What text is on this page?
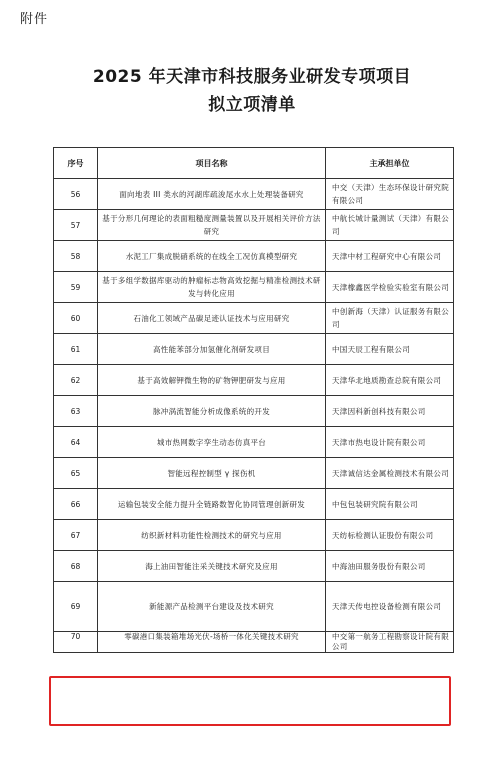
附件
2025 年天津市科技服务业研发专项项目
拟立项清单
序号	项目名称	主承担单位
56	面向地表 III 类水的河湖库疏浚尾水水上处理装备研究	中交（天津）生态环保设计研究院有限公司
57	基于分形几何理论的表面粗糙度测量装置以及开展相关评价方法研究	中航长城计量测试（天津）有限公司
58	水泥工厂集成脱硝系统的在线全工况仿真模型研究	天津中材工程研究中心有限公司
59	基于多组学数据库驱动的肿瘤标志物高效挖掘与精准检测技术研发与转化应用	天津橡鑫医学检验实验室有限公司
60	石油化工领域产品碳足迹认证技术与应用研究	中创新海（天津）认证服务有限公司
61	高性能苯部分加氢催化剂研发项目	中国天辰工程有限公司
62	基于高效解钾微生物的矿物钾肥研发与应用	天津华北地质勘查总院有限公司
63	脉冲涡流智能分析成像系统的开发	天津因科新创科技有限公司
64	城市热网数字孪生动态仿真平台	天津市热电设计院有限公司
65	智能远程控制型 γ 探伤机	天津诚信达金属检测技术有限公司
66	运输包装安全能力提升全链路数智化协同管理创新研发	中包包装研究院有限公司
67	纺织新材料功能性检测技术的研究与应用	天纺标检测认证股份有限公司
68	海上油田智能注采关键技术研究及应用	中海油田服务股份有限公司
69	新能源产品检测平台建设及技术研究	天津天传电控设备检测有限公司
70	零碳港口集装箱堆场光伏-场桥一体化关键技术研究	中交第一航务工程勘察设计院有限公司
